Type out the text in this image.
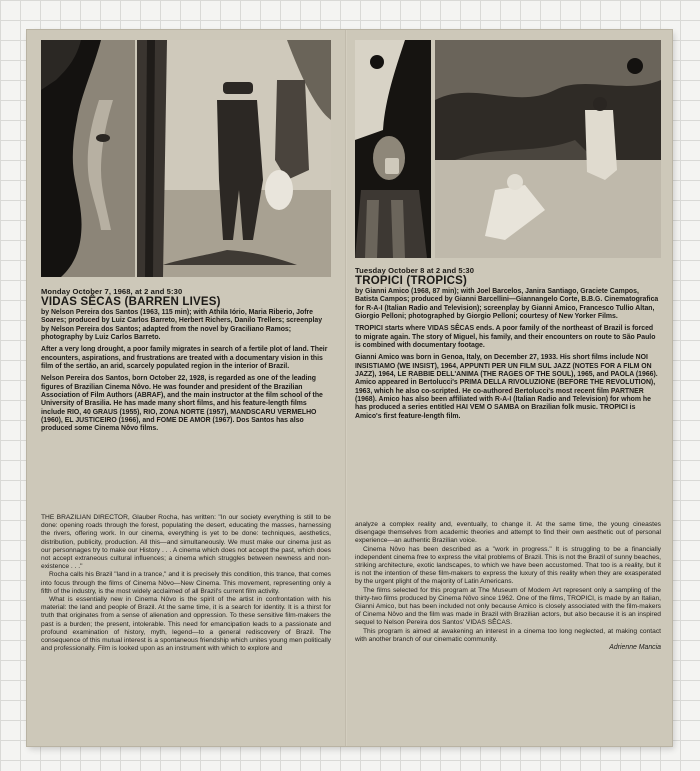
Monday October 7, 1968, at 2 and 5:30
VIDAS SÊCAS (BARREN LIVES)

by Nelson Pereira dos Santos (1963, 115 min); with Athila Iório, Maria Riberio, Jofre Soares; produced by Luiz Carlos Barreto, Herbert Richers, Danilo Trellers; screenplay by Nelson Pereira dos Santos; adapted from the novel by Graciliano Ramos; photography by Luiz Carlos Barreto.

After a very long drought, a poor family migrates in search of a fertile plot of land. Their encounters, aspirations, and frustrations are treated with a documentary vision in this film of the sertão, an arid, scarcely populated region in the interior of Brazil.

Nelson Pereira dos Santos, born October 22, 1928, is regarded as one of the leading figures of Brazilian Cinema Nôvo. He was founder and president of the Brazilian Association of Film Authors (ABRAF), and the main instructor at the film school of the University of Brasilia. He has made many short films, and his feature-length films include RIO, 40 GRAUS (1955), RIO, ZONA NORTE (1957), MANDSCARU VERMELHO (1960), EL JUSTICEIRO (1966), and FOME DE AMOR (1967). Dos Santos has also produced some Cinema Nôvo films.

THE BRAZILIAN DIRECTOR, Glauber Rocha, has written: "In our society everything is still to be done: opening roads through the forest, populating the desert, educating the masses, harnessing the rivers, offering work. In our cinema, everything is yet to be done: techniques, aesthetics, distribution, publicity, production. All this—and simultaneously. We must make our cinema just as our personnages try to make our History . . . A cinema which does not accept the past, which does not accept extraneous cultural influences; a cinema which struggles between newness and non-existence . . ."

Rocha calls his Brazil "land in a trance," and it is precisely this condition, this trance, that comes into focus through the films of Cinema Nôvo—New Cinema. This movement, representing only a fifth of the industry, is the most widely acclaimed of all Brazil's current film activity.

What is essentially new in Cinema Nôvo is the spirit of the artist in confrontation with his material: the land and people of Brazil. At the same time, it is a search for identity. It is a thirst for truth that originates from a sense of alienation and oppression. To these sensitive film-makers the past is a burden; the present, intolerable. This need for emancipation leads to a passionate and profound examination of history, myth, legend—to a general rediscovery of Brazil. The consequence of this mutual interest is a spontaneous friendship which unites young men politically and professionally. Film is looked upon as an instrument with which to explore and

Tuesday October 8 at 2 and 5:30
TROPICI (TROPICS)

by Gianni Amico (1968, 87 min); with Joel Barcelos, Janira Santiago, Graciete Campos, Batista Campos; produced by Gianni Barcellini—Giannangelo Corte, B.B.G. Cinematografica for R-A-I (Italian Radio and Television); screenplay by Gianni Amico, Francesco Tullio Altan, Giorgio Pelloni; photographed by Giorgio Pelloni; courtesy of New Yorker Films.

TROPICI starts where VIDAS SÊCAS ends. A poor family of the northeast of Brazil is forced to migrate again. The story of Miguel, his family, and their encounters on route to São Paulo is combined with documentary footage.

Gianni Amico was born in Genoa, Italy, on December 27, 1933. His short films include NOI INSISTIAMO (WE INSIST), 1964, APPUNTI PER UN FILM SUL JAZZ (NOTES FOR A FILM ON JAZZ), 1964, LE RABBIE DELL'ANIMA (THE RAGES OF THE SOUL), 1965, and PAOLA (1966). Amico appeared in Bertolucci's PRIMA DELLA RIVOLUZIONE (BEFORE THE REVOLUTION), 1963, which he also co-scripted. He co-authored Bertolucci's most recent film PARTNER (1968). Amico has also been affiliated with R-A-I (Italian Radio and Television) for whom he has produced a series entitled HAI VEM O SAMBA on Brazilian folk music. TROPICI is Amico's first feature-length film.

analyze a complex reality and, eventually, to change it. At the same time, the young cineastes disengage themselves from academic theories and attempt to find their own aesthetic out of personal experience—an authentic Brazilian voice.

Cinema Nôvo has been described as a "work in progress." It is struggling to be a financially independent cinema free to express the vital problems of Brazil. This is not the Brazil of sunny beaches, striking architecture, exotic landscapes, to which we have been accustomed. That too is a reality, but it is not the intention of these film-makers to express the luxury of this reality when they are exasperated by the urgent plight of the majority of Latin Americans.

The films selected for this program at The Museum of Modern Art represent only a sampling of the thirty-two films produced by Cinema Nôvo since 1962. One of the films, TROPICI, is made by an Italian, Gianni Amico, but has been included not only because Amico is closely associated with the film-makers of Cinema Nôvo and the film was made in Brazil with Brazilian actors, but also because it is an inspired sequel to Nelson Pereira dos Santos' VIDAS SÊCAS.

This program is aimed at awakening an interest in a cinema too long neglected, at making contact with another branch of our cinematic community.

Adrienne Mancia
